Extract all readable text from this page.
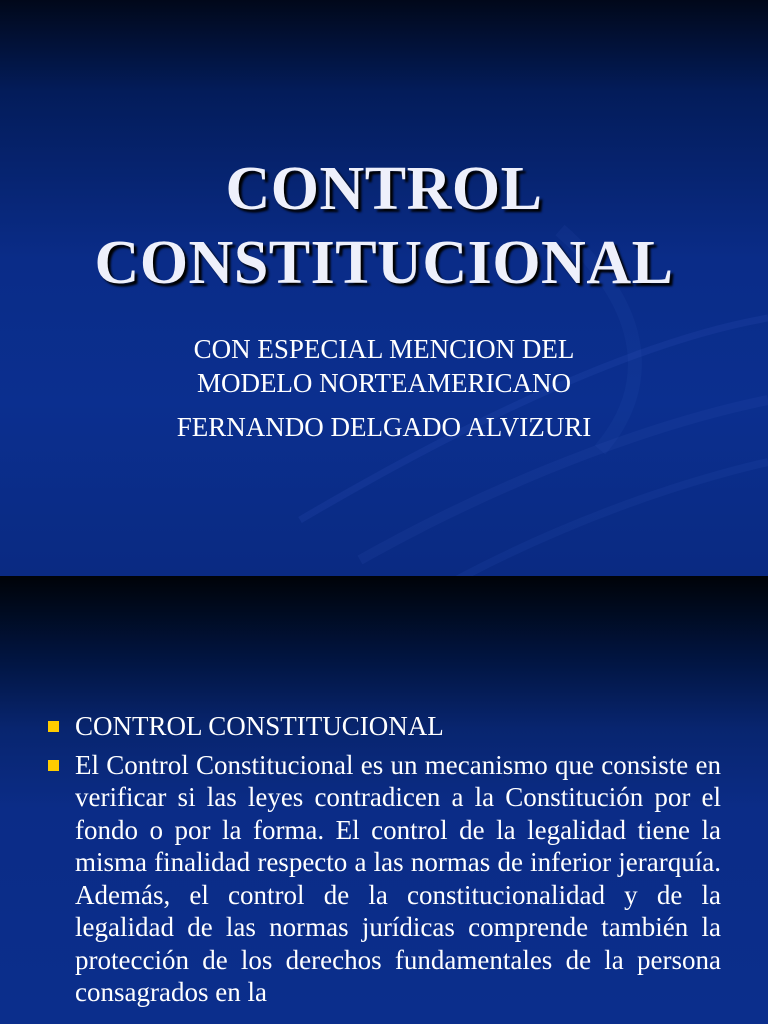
CONTROL
CONSTITUCIONAL

CON ESPECIAL MENCION DEL
MODELO NORTEAMERICANO

FERNANDO DELGADO ALVIZURI

CONTROL CONSTITUCIONAL
El Control Constitucional es un mecanismo que consiste en verificar si las leyes contradicen a la Constitución por el fondo o por la forma. El control de la legalidad tiene la misma finalidad respecto a las normas de inferior jerarquía. Además, el control de la constitucionalidad y de la legalidad de las normas jurídicas comprende también la protección de los derechos fundamentales de la persona consagrados en la
